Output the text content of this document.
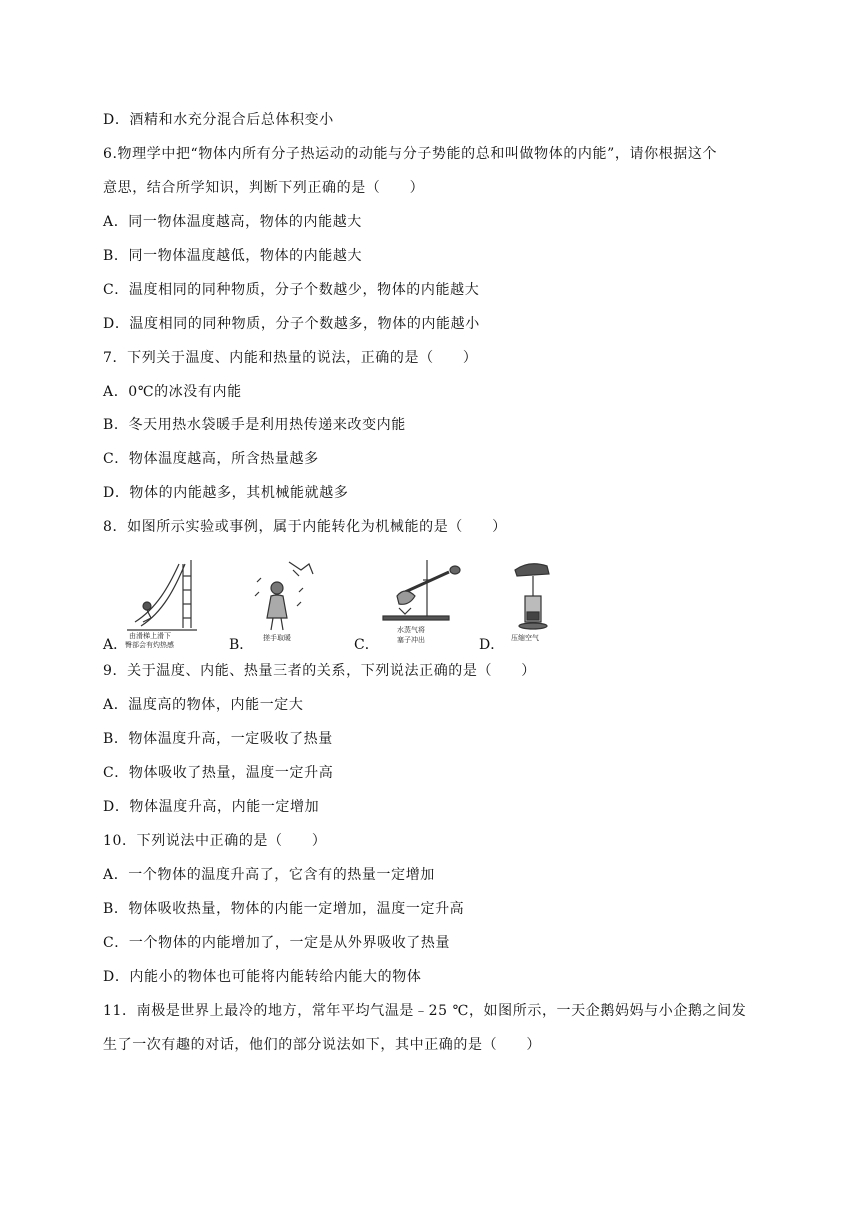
D．酒精和水充分混合后总体积变小
6.物理学中把“物体内所有分子热运动的动能与分子势能的总和叫做物体的内能”，请你根据这个
意思，结合所学知识，判断下列正确的是（　　）
A．同一物体温度越高，物体的内能越大
B．同一物体温度越低，物体的内能越大
C．温度相同的同种物质，分子个数越少，物体的内能越大
D．温度相同的同种物质，分子个数越多，物体的内能越小
7．下列关于温度、内能和热量的说法，正确的是（　　）
A．0℃的冰没有内能
B．冬天用热水袋暖手是利用热传递来改变内能
C．物体温度越高，所含热量越多
D．物体的内能越多，其机械能就越多
8．如图所示实验或事例，属于内能转化为机械能的是（　　）
A．
由滑梯上滑下
臀部会有灼热感	B． 搓手取暖	C．
水蒸气将
塞子冲出	D． 压缩空气
9．关于温度、内能、热量三者的关系，下列说法正确的是（　　）
A．温度高的物体，内能一定大
B．物体温度升高，一定吸收了热量
C．物体吸收了热量，温度一定升高
D．物体温度升高，内能一定增加
10．下列说法中正确的是（　　）
A．一个物体的温度升高了，它含有的热量一定增加
B．物体吸收热量，物体的内能一定增加，温度一定升高
C．一个物体的内能增加了，一定是从外界吸收了热量
D．内能小的物体也可能将内能转给内能大的物体
11．南极是世界上最冷的地方，常年平均气温是﹣25 ℃，如图所示，一天企鹅妈妈与小企鹅之间发
生了一次有趣的对话，他们的部分说法如下，其中正确的是（　　）
